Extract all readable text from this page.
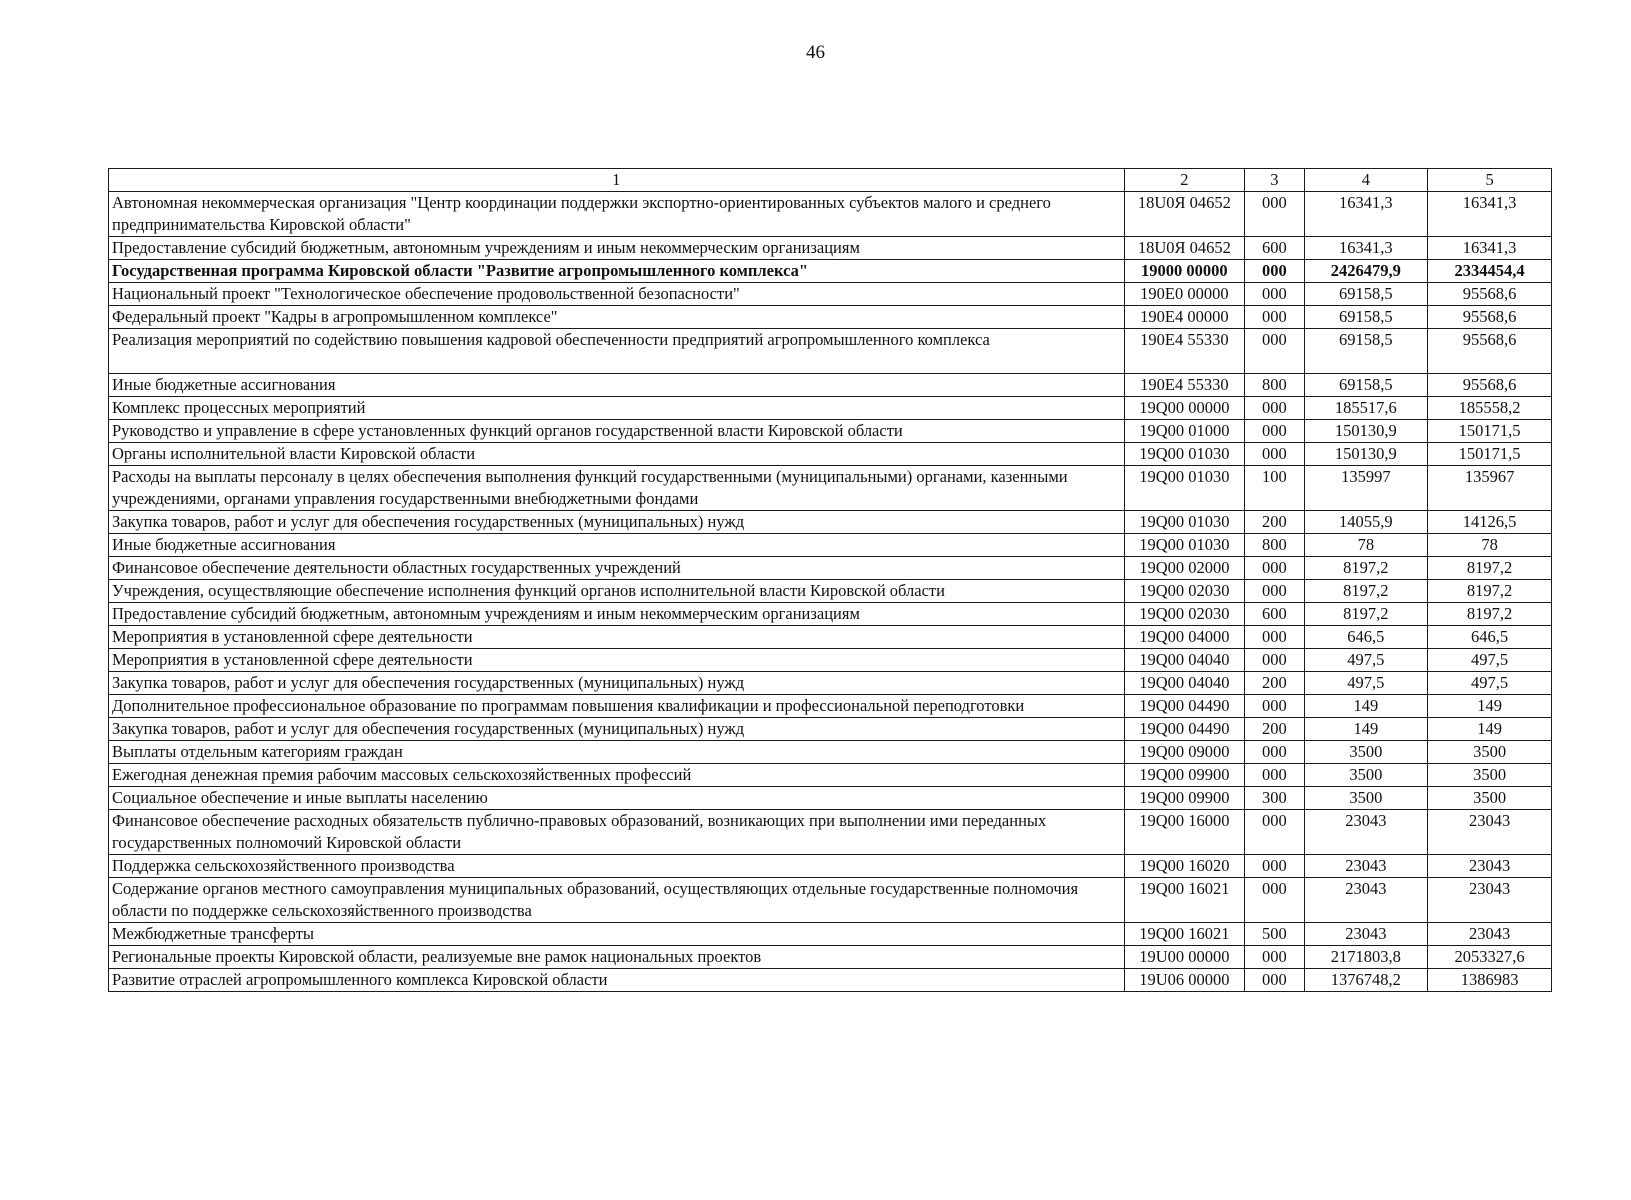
46
1	2	3	4	5
Автономная некоммерческая организация "Центр координации поддержки экспортно-ориентированных субъектов малого и среднего предпринимательства Кировской области"	18U0Я 04652	000	16341,3	16341,3
Предоставление субсидий бюджетным, автономным учреждениям и иным некоммерческим организациям	18U0Я 04652	600	16341,3	16341,3
Государственная программа Кировской области "Развитие агропромышленного комплекса"	19000 00000	000	2426479,9	2334454,4
Национальный проект "Технологическое обеспечение продовольственной безопасности"	190E0 00000	000	69158,5	95568,6
Федеральный проект "Кадры в агропромышленном комплексе"	190E4 00000	000	69158,5	95568,6
Реализация мероприятий по содействию повышения кадровой обеспеченности предприятий агропромышленного комплекса	190E4 55330	000	69158,5	95568,6
Иные бюджетные ассигнования	190E4 55330	800	69158,5	95568,6
Комплекс процессных мероприятий	19Q00 00000	000	185517,6	185558,2
Руководство и управление в сфере установленных функций органов государственной власти Кировской области	19Q00 01000	000	150130,9	150171,5
Органы исполнительной власти Кировской области	19Q00 01030	000	150130,9	150171,5
Расходы на выплаты персоналу в целях обеспечения выполнения функций государственными (муниципальными) органами, казенными учреждениями, органами управления государственными внебюджетными фондами	19Q00 01030	100	135997	135967
Закупка товаров, работ и услуг для обеспечения государственных (муниципальных) нужд	19Q00 01030	200	14055,9	14126,5
Иные бюджетные ассигнования	19Q00 01030	800	78	78
Финансовое обеспечение деятельности областных государственных учреждений	19Q00 02000	000	8197,2	8197,2
Учреждения, осуществляющие обеспечение исполнения функций органов исполнительной власти Кировской области	19Q00 02030	000	8197,2	8197,2
Предоставление субсидий бюджетным, автономным учреждениям и иным некоммерческим организациям	19Q00 02030	600	8197,2	8197,2
Мероприятия в установленной сфере деятельности	19Q00 04000	000	646,5	646,5
Мероприятия в установленной сфере деятельности	19Q00 04040	000	497,5	497,5
Закупка товаров, работ и услуг для обеспечения государственных (муниципальных) нужд	19Q00 04040	200	497,5	497,5
Дополнительное профессиональное образование по программам повышения квалификации и профессиональной переподготовки	19Q00 04490	000	149	149
Закупка товаров, работ и услуг для обеспечения государственных (муниципальных) нужд	19Q00 04490	200	149	149
Выплаты отдельным категориям граждан	19Q00 09000	000	3500	3500
Ежегодная денежная премия рабочим массовых сельскохозяйственных профессий	19Q00 09900	000	3500	3500
Социальное обеспечение и иные выплаты населению	19Q00 09900	300	3500	3500
Финансовое обеспечение расходных обязательств публично-правовых образований, возникающих при выполнении ими переданных государственных полномочий Кировской области	19Q00 16000	000	23043	23043
Поддержка сельскохозяйственного производства	19Q00 16020	000	23043	23043
Содержание органов местного самоуправления муниципальных образований, осуществляющих отдельные государственные полномочия области по поддержке сельскохозяйственного производства	19Q00 16021	000	23043	23043
Межбюджетные трансферты	19Q00 16021	500	23043	23043
Региональные проекты Кировской области, реализуемые вне рамок национальных проектов	19U00 00000	000	2171803,8	2053327,6
Развитие отраслей агропромышленного комплекса Кировской области	19U06 00000	000	1376748,2	1386983
